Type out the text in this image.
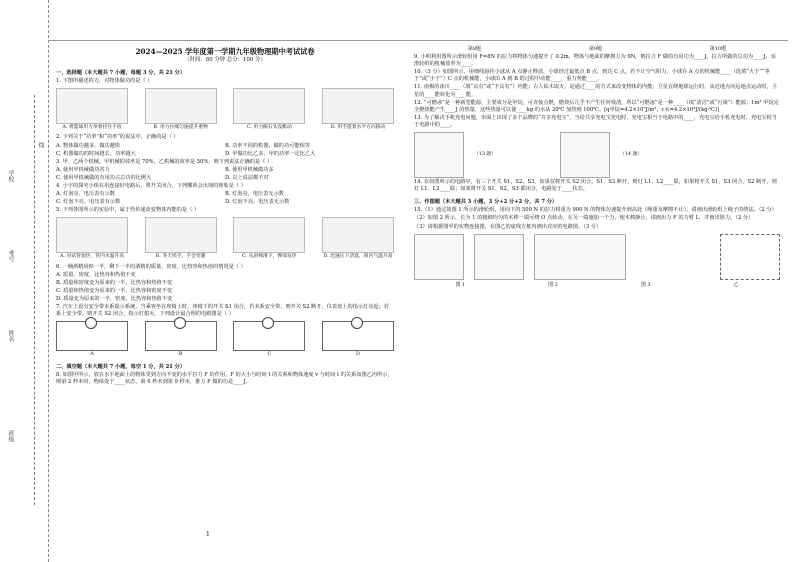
学校
考号
姓名
班级
线
2024—2025 学年度第一学期九年级物理期中考试试卷
（时间：80 分钟 总分：100 分）
一、选择题（本大题共 7 小题，每题 3 分，共 21 分）
1. 下图所描述的力，对物体做功的是（ ）
A. 将篮球用力举着托住不放	B. 用力拉绳匀速提升重物	C. 用力搬石头没搬动	D. 用手提着水平方向移动
2. 下列关于“功率”和“功率”的说法中，正确的是（ ）
A. 物体做功越多，做功越快	B. 功率不同的机器，做的功可能相等
C. 机器做功的时间越长，功率越大	D. 甲做功比乙多，甲的功率一定比乙大
3. 甲、乙两个机械，甲机械的效率是 70%，乙机械的效率是 50%，则下列说法正确的是（ ）
A. 使用甲机械做功省力	B. 使用甲机械做功多
C. 使用甲机械做的有用功占总功的比例大	D. 以上说法都不对
4. 小宇的探究小组在用连接好电路后，将开关闭合，下列哪项会出现的现象是（ ）
A. 灯泡亮、电压表有示数	B. 灯泡亮、电压表无示数
C. 灯泡不亮、电压表有示数	D. 灯泡不亮、电压表无示数
5. 下列各图所示的实验中，属于热传递改变物体内能的是（ ）
A. 对试管加热，管内水温升高	B. 冬天搓手，手会变暖	C. 从滑梯滑下，臀部发热	D. 迅速压下活塞，筒内气温升高
6. 一桶酒精用掉一半，剩下一半的酒精的质量、密度、比热容和热值的情况是（ ）
A. 质量、密度、比热容和热值不变
B. 质量和密度变为原来的一半，比热容和热值不变
C. 质量和热值变为原来的一半，比热容和密度不变
D. 质量变为原来的一半，密度、比热容和热值不变
7. 汽车上设有安全带未系提示系统。当乘客坐在座椅上时，座椅下的开关 S1 闭合，若未系安全带，则开关 S2 断开，仪表盘上的指示灯亮起；若系上安全带，则开关 S2 闭合，指示灯熄灭。下列设计最合理的电路图是（ ）
A	B	C	D
二、填空题（本大题共 7 小题，每空 1 分，共 21 分）
8. 如图甲所示，放在水平地面上的物体受到方向不变的水平拉力 F 的作用，F 的大小与时间 t 的关系和物体速度 v 与时间 t 的关系如图乙丙所示，则第 2 秒末时，物体处于____状态，第 6 秒末到第 9 秒末，推力 F 做的功是____J。
1
第8题	第9题	第10题
9. 小明利用图所示滑轮组用 F=8N 的拉力将物体匀速提升了 0.2m，物体与地面的摩擦力为 9N，则拉力 F 做的有用功为____J，拉力所做的总功为____J，该滑轮组的机械效率为____。
10.（3 分）如图所示，用细线悬挂小球从 A 点静止释放，小球经过最低点 B 点，到达 C 点，若不计空气阻力，小球在 A 点的机械能____（选填“大于”“等于”或“小于”）C 点的机械能，小球由 A 到 B 的过程中动能____，重力势能____。
11. 南极的冰川____（填“具有”或“不具有”）内能；古人钻木取火，是通过____的方式来改变物体的内能；卫星在绕地球运行时，从近地点向远地点运动时，卫星的____能转化为____能。
12. “可燃冰”是一种新型能源，主要成分是甲烷，可直接点燃，燃烧后几乎不产生任何残渣，所以“可燃冰”是一种____（填“清洁”或“污染”）能源；1m³ 甲烷完全燃烧能产生____J 的热量，这些热量可以使____kg 的水从 20℃ 加热到 100℃。[q甲烷=4.2×10⁷J/m³，c水=4.2×10³J/(kg·℃)]
13. 为了解决手机充电问题，市面上出现了多个品牌的“共享充电宝”，当给共享充电宝充电时，充电宝相当于电路中的____，充电宝给手机充电时，充电宝相当于电路中的____。
（13 题）	（14 题）
14. 在如图所示的电路中，有三个开关 S1、S2、S3，如果仅将开关 S2 闭合，S1、S3 断开，则灯 L1、L2____联，如果将开关 S1、S3 闭合，S2 断开，则灯 L1、L2____联；如果将开关 S1、S2、S3 都闭合，电路处于____状态。
三、作图题（本大题共 3 小题，3 分+2 分+2 分，共 7 分）
15.（1）通过如图 1 所示的滑轮组，用向下的 500 N 的拉力将重为 900 N 的物体匀速提升到高处（绳重及摩擦不计），请画出滑轮组上绳子的绕法。（2 分）
（2）如图 2 所示，长为 1 的粗细均匀的木棒一端可绕 O 点转动，在另一端施加一个力，使木棒静止，请画出力 F 的力臂 L，并画出阻力。（2 分）
（3）请根据图甲的实物连接图，在图乙的虚线方框内画出对应的电路图。（3 分）
图 1	图 2	图 3	乙
